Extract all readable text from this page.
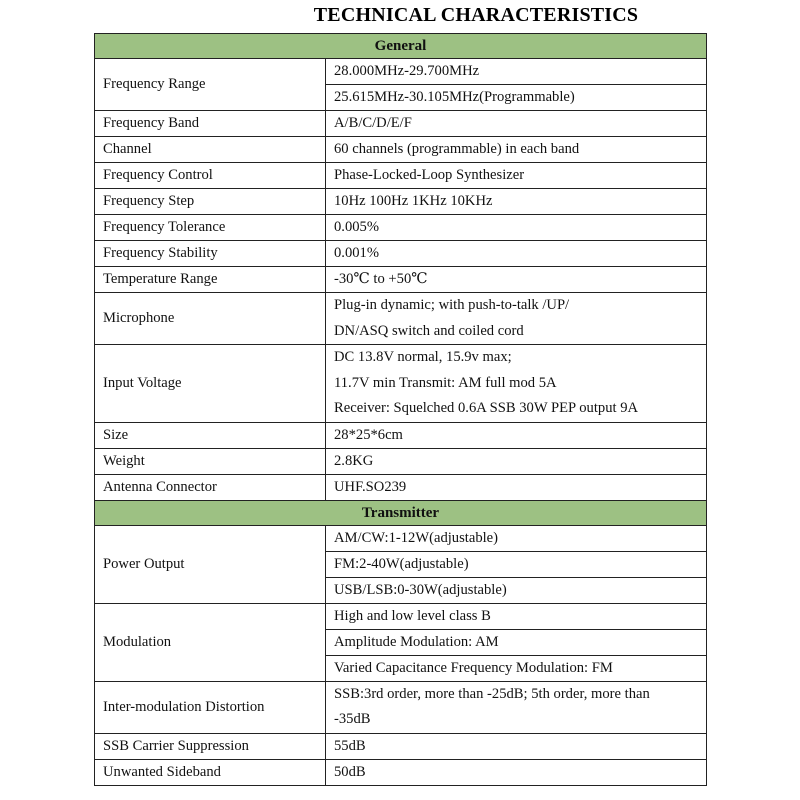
TECHNICAL CHARACTERISTICS
General	
Frequency Range	28.000MHz-29.700MHz
	25.615MHz-30.105MHz(Programmable)
Frequency Band	A/B/C/D/E/F
Channel	60 channels (programmable) in each band
Frequency Control	Phase-Locked-Loop Synthesizer
Frequency Step	10Hz 100Hz 1KHz 10KHz
Frequency Tolerance	0.005%
Frequency Stability	0.001%
Temperature Range	-30℃ to +50℃
Microphone	Plug-in dynamic; with push-to-talk /UP/
DN/ASQ switch and coiled cord

Input Voltage	DC 13.8V normal, 15.9v max;
11.7V min Transmit: AM full mod 5A
Receiver: Squelched 0.6A SSB 30W PEP output 9A

Size	28*25*6cm
Weight	2.8KG
Antenna Connector	UHF.SO239
Transmitter	
Power Output	AM/CW:1-12W(adjustable)
	FM:2-40W(adjustable)
	USB/LSB:0-30W(adjustable)
Modulation	High and low level class B
	Amplitude Modulation: AM
	Varied Capacitance Frequency Modulation: FM
Inter-modulation Distortion	SSB:3rd order, more than -25dB; 5th order, more than
-35dB

SSB Carrier Suppression	55dB
Unwanted Sideband	50dB
